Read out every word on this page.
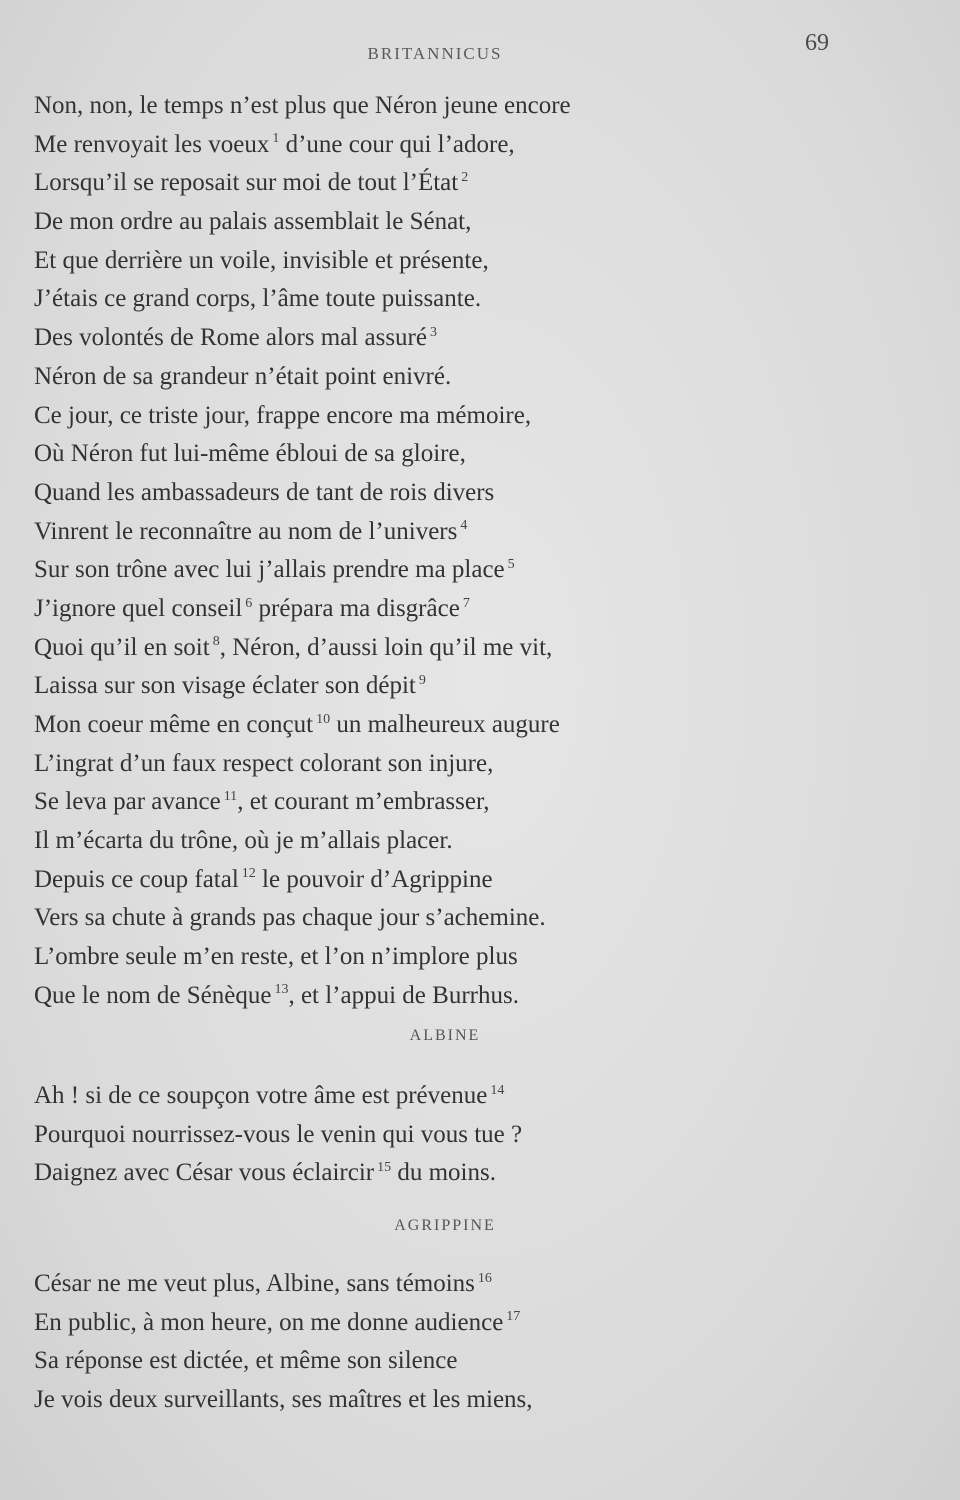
BRITANNICUS	69
Non, non, le temps n’est plus que Néron jeune encore
Me renvoyait les voeux $^1$ d’une cour qui l’adore,
Lorsqu’il se reposait sur moi de tout l’État $^2$
De mon ordre au palais assemblait le Sénat,
Et que derrière un voile, invisible et présente,
J’étais ce grand corps, l’âme toute puissante.
Des volontés de Rome alors mal assuré $^3$
Néron de sa grandeur n’était point enivré.
Ce jour, ce triste jour, frappe encore ma mémoire,
Où Néron fut lui-même ébloui de sa gloire,
Quand les ambassadeurs de tant de rois divers
Vinrent le reconnaître au nom de l’univers $^4$
Sur son trône avec lui j’allais prendre ma place $^5$
J’ignore quel conseil $^6$ prépara ma disgrâce $^7$
Quoi qu’il en soit $^8$, Néron, d’aussi loin qu’il me vit,
Laissa sur son visage éclater son dépit $^9$
Mon coeur même en conçut $^{10}$ un malheureux augure
L’ingrat d’un faux respect colorant son injure,
Se leva par avance $^{11}$, et courant m’embrasser,
Il m’écarta du trône, où je m’allais placer.
Depuis ce coup fatal $^{12}$ le pouvoir d’Agrippine
Vers sa chute à grands pas chaque jour s’achemine.
L’ombre seule m’en reste, et l’on n’implore plus
Que le nom de Sénèque $^{13}$, et l’appui de Burrhus.
ALBINE
Ah ! si de ce soupçon votre âme est prévenue $^{14}$
Pourquoi nourrissez-vous le venin qui vous tue ?
Daignez avec César vous éclaircir $^{15}$ du moins.
AGRIPPINE
César ne me veut plus, Albine, sans témoins $^{16}$
En public, à mon heure, on me donne audience $^{17}$
Sa réponse est dictée, et même son silence
Je vois deux surveillants, ses maîtres et les miens,
